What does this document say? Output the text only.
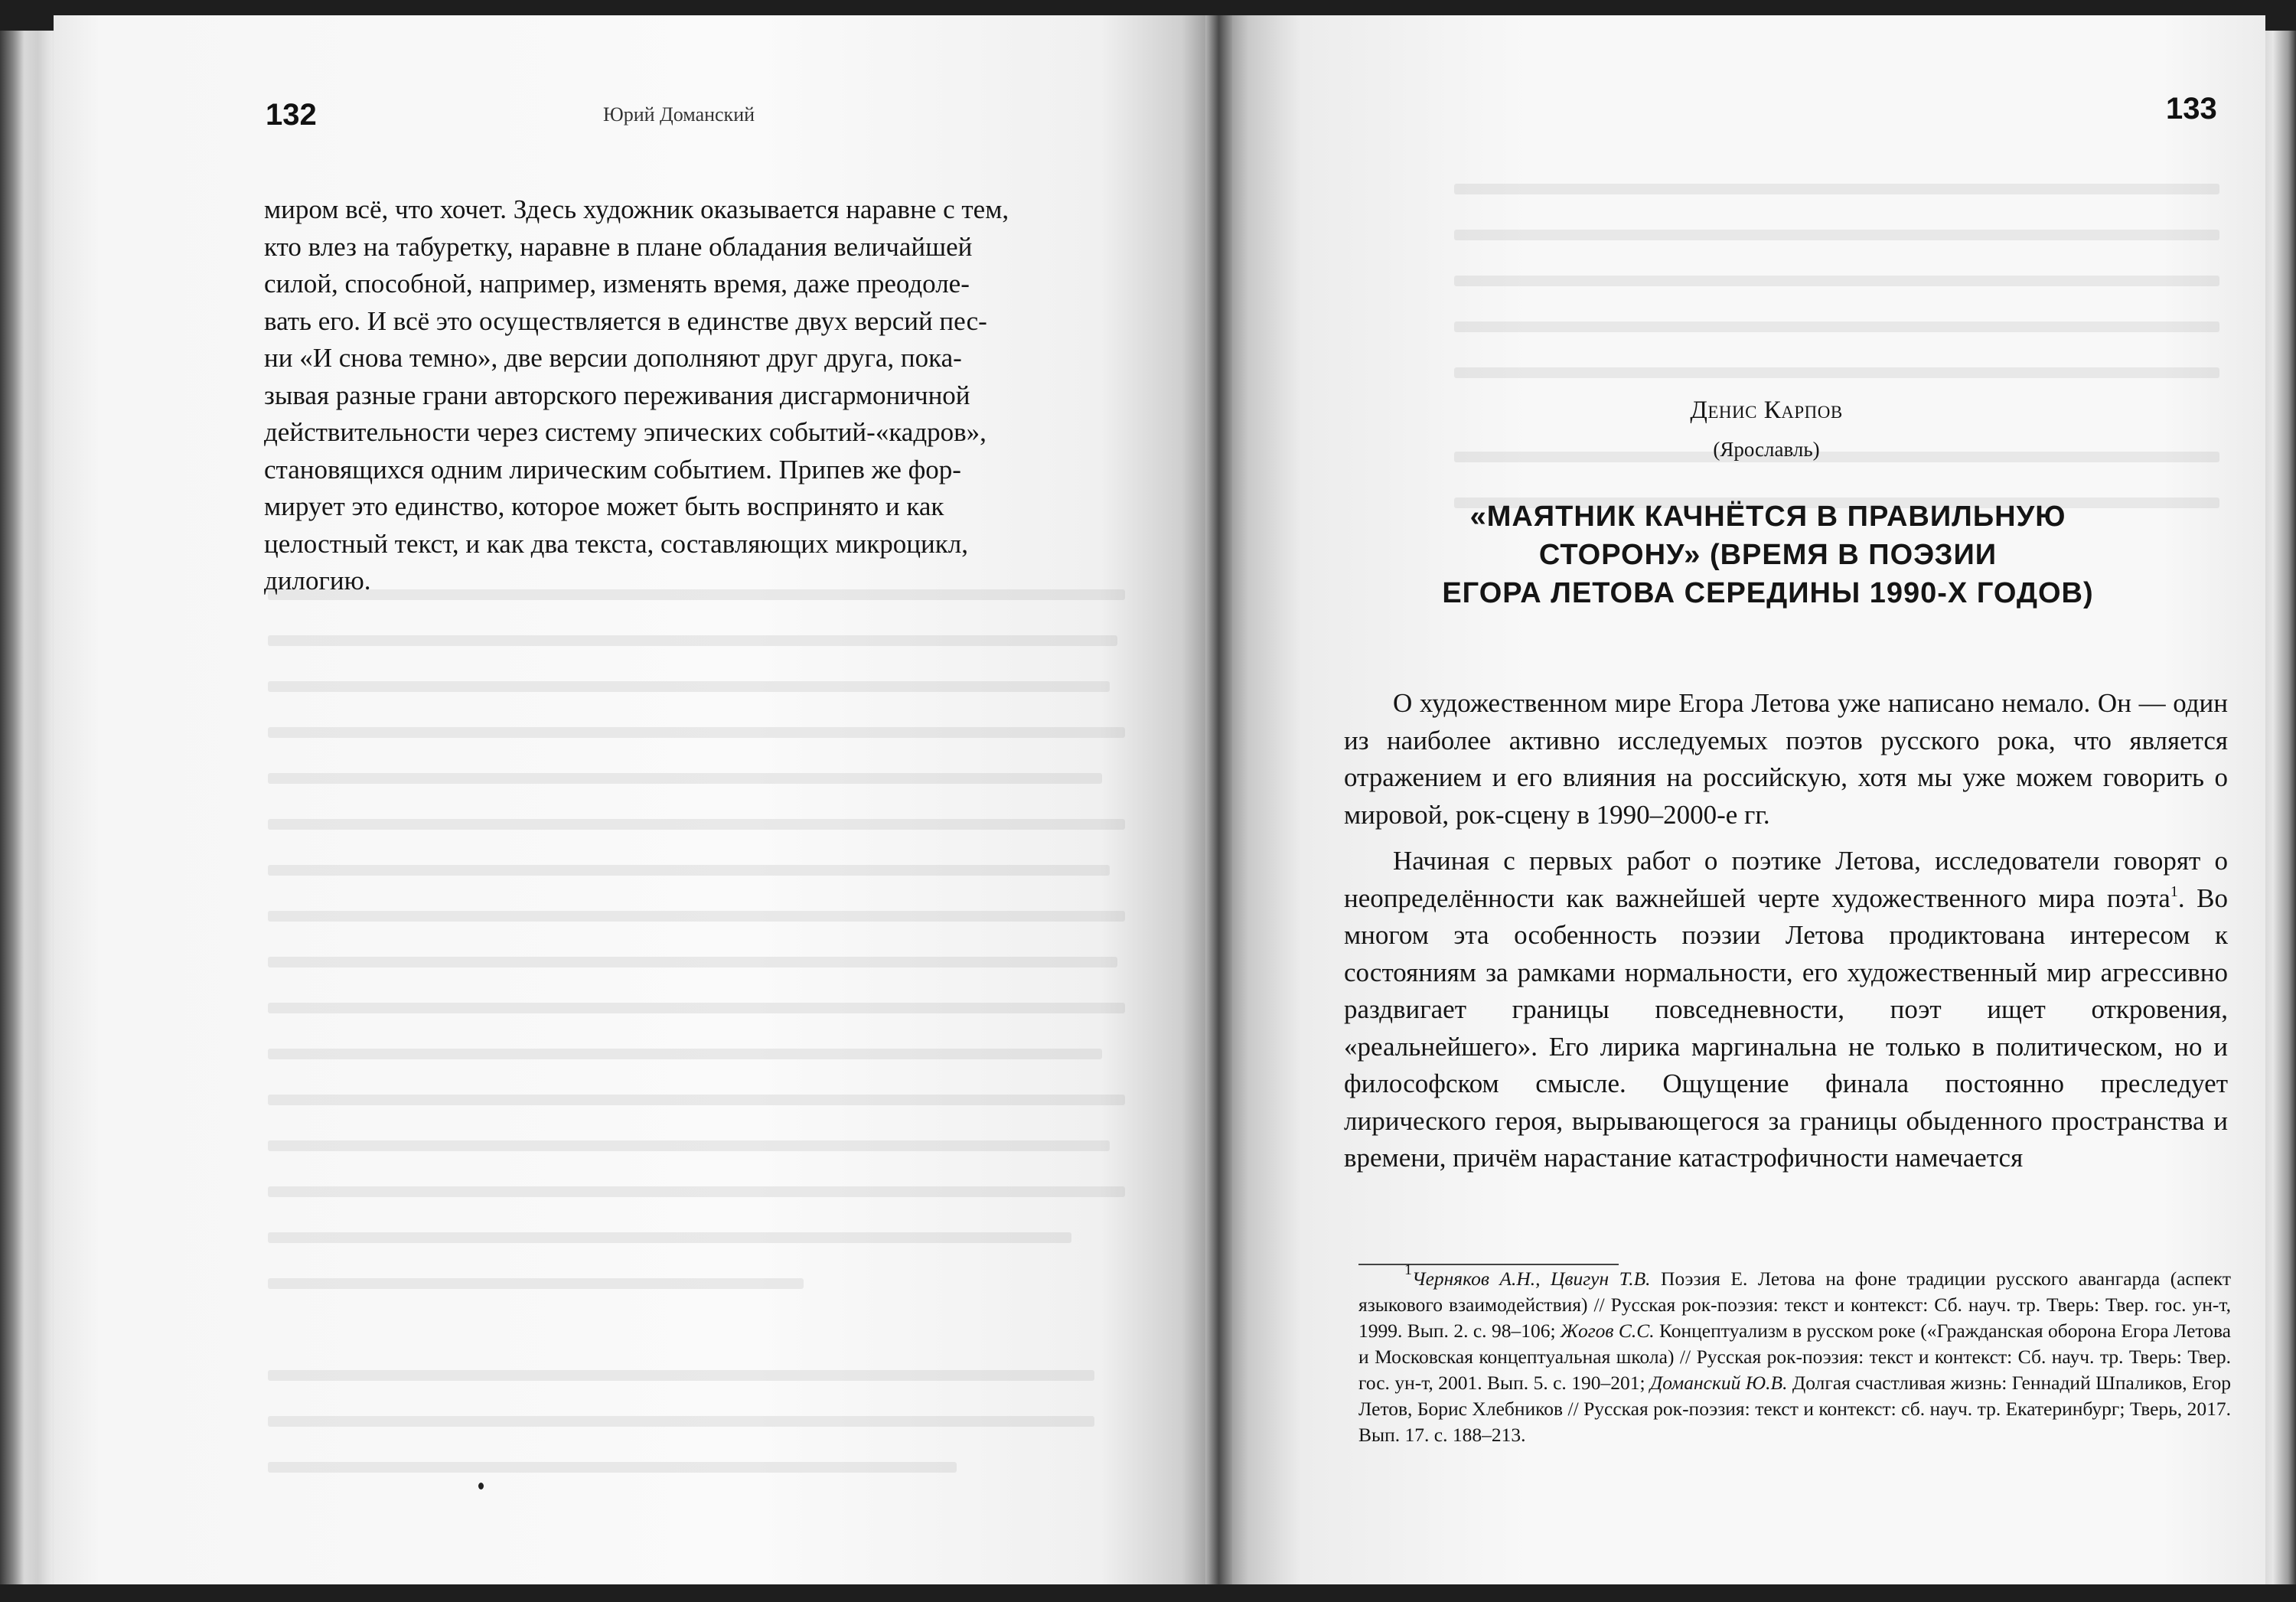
132	Юрий Доманский

миром всё, что хочет. Здесь художник оказывается наравне с тем,

кто влез на табуретку, наравне в плане обладания величайшей

силой, способной, например, изменять время, даже преодоле-

вать его. И всё это осуществляется в единстве двух версий пес-

ни «И снова темно», две версии дополняют друг друга, пока-

зывая разные грани авторского переживания дисгармоничной

действительности через систему эпических событий-«кадров»,

становящихся одним лирическим событием. Припев же фор-

мирует это единство, которое может быть воспринято и как

целостный текст, и как два текста, составляющих микроцикл,

дилогию.

133
Денис Карпов
(Ярославль)
«МАЯТНИК КАЧНЁТСЯ В ПРАВИЛЬНУЮ
СТОРОНУ» (ВРЕМЯ В ПОЭЗИИ
ЕГОРА ЛЕТОВА СЕРЕДИНЫ 1990-Х ГОДОВ)

О художественном мире Егора Летова уже написано немало. Он — один из наиболее активно исследуемых поэтов русского рока, что является отражением и его влияния на российскую, хотя мы уже можем говорить о мировой, рок-сцену в 1990–2000-е гг.

Начиная с первых работ о поэтике Летова, исследователи говорят о неопределённости как важнейшей черте художественного мира поэта$^1$. Во многом эта особенность поэзии Летова продиктована интересом к состояниям за рамками нормальности, его художественный мир агрессивно раздвигает границы повседневности, поэт ищет откровения, «реальнейшего». Его лирика маргинальна не только в политическом, но и философском смысле. Ощущение финала постоянно преследует лирического героя, вырывающегося за границы обыденного пространства и времени, причём нарастание катастрофичности намечается

$^1$Черняков А.Н., Цвигун Т.В. Поэзия Е. Летова на фоне традиции русского авангарда (аспект языкового взаимодействия) // Русская рок-поэзия: текст и контекст: Сб. науч. тр. Тверь: Твер. гос. ун-т, 1999. Вып. 2. с. 98–106; Жогов С.С. Концептуализм в русском роке («Гражданская оборона Егора Летова и Московская концептуальная школа) // Русская рок-поэзия: текст и контекст: Сб. науч. тр. Тверь: Твер. гос. ун-т, 2001. Вып. 5. с. 190–201; Доманский Ю.В. Долгая счастливая жизнь: Геннадий Шпаликов, Егор Летов, Борис Хлебников // Русская рок-поэзия: текст и контекст: сб. науч. тр. Екатеринбург; Тверь, 2017. Вып. 17. с. 188–213.
